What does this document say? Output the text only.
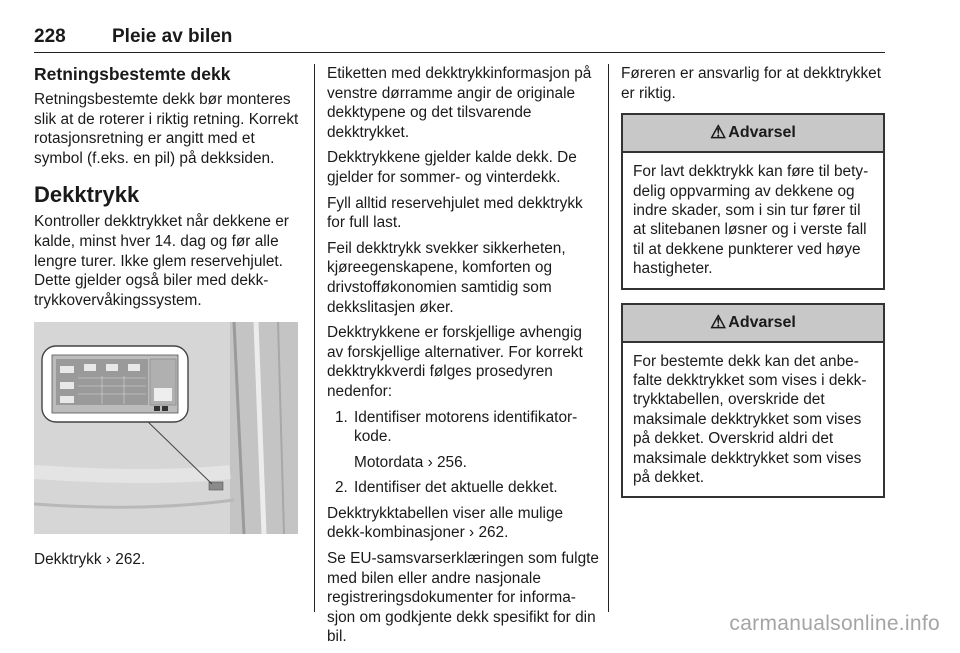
228 Pleie av bilen
Retningsbestemte dekk

Retningsbestemte dekk bør monteres slik at de roterer i riktig retning. Korrekt rotasjonsretning er angitt med et symbol (f.eks. en pil) på dekksiden.

Dekktrykk

Kontroller dekktrykket når dekkene er kalde, minst hver 14. dag og før alle lengre turer. Ikke glem reservehjulet. Dette gjelder også biler med dekktrykkovervåkingssystem.

Dekktrykk › 262.

Etiketten med dekktrykkinformasjon på venstre dørramme angir de originale dekktypene og det tilsvarende dekktrykket.

Dekktrykkene gjelder kalde dekk. De gjelder for sommer- og vinterdekk.

Fyll alltid reservehjulet med dekktrykk for full last.

Feil dekktrykk svekker sikkerheten, kjøreegenskapene, komforten og drivstofføkonomien samtidig som dekkslitasjen øker.

Dekktrykkene er forskjellige avhengig av forskjellige alternativer. For korrekt dekktrykkverdi følges prosedyren nedenfor:

1. Identifiser motorens identifikatorkode.

Motordata › 256.

2. Identifiser det aktuelle dekket.

Dekktrykktabellen viser alle mulige dekk-kombinasjoner › 262.

Se EU-samsvarserklæringen som fulgte med bilen eller andre nasjonale registreringsdokumenter for informasjon om godkjente dekk spesifikt for din bil.

Føreren er ansvarlig for at dekktrykket er riktig.

⚠ Advarsel
For lavt dekktrykk kan føre til betydelig oppvarming av dekkene og indre skader, som i sin tur fører til at slitebanen løsner og i verste fall til at dekkene punkterer ved høye hastigheter.
⚠ Advarsel
For bestemte dekk kan det anbefalte dekktrykket som vises i dekktrykktabellen, overskride det maksimale dekktrykket som vises på dekket. Overskrid aldri det maksimale dekktrykket som vises på dekket.
carmanualsonline.info
